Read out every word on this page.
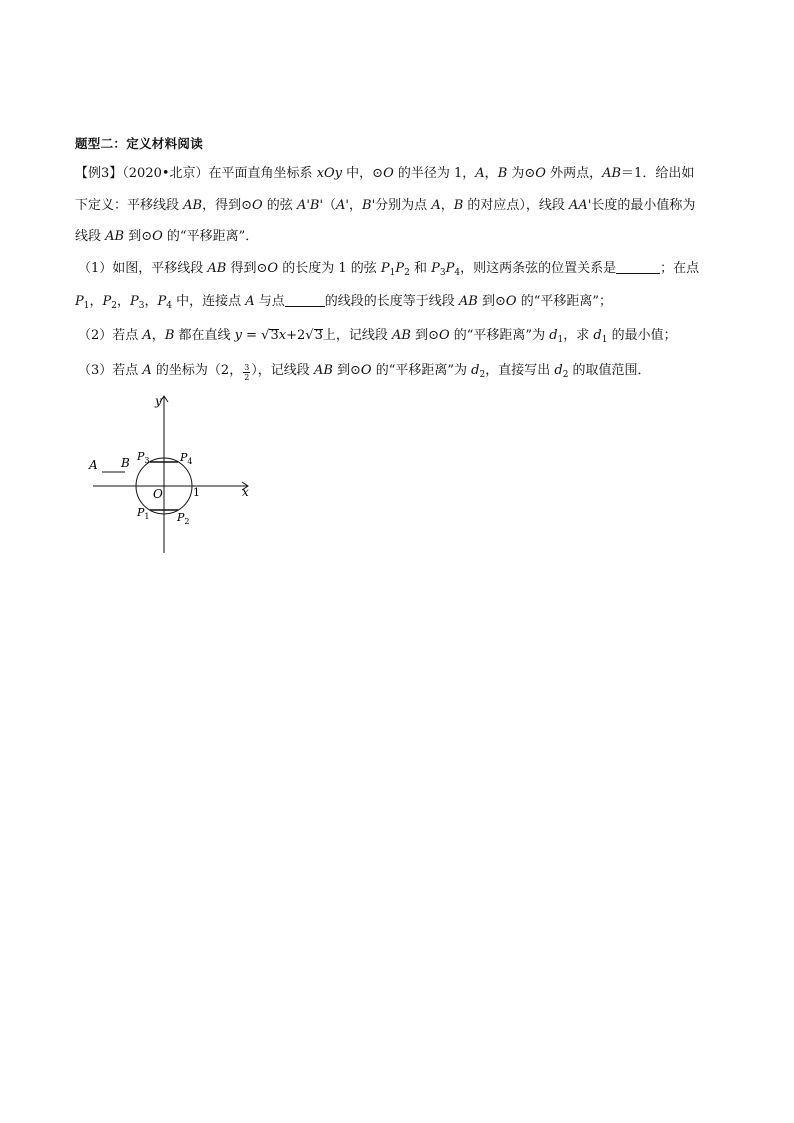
题型二：定义材料阅读
【例3】（2020•北京）在平面直角坐标系 xOy 中，⊙O 的半径为 1，A，B 为⊙O 外两点，AB＝1．给出如
下定义：平移线段 AB，得到⊙O 的弦 A'B'（A'，B'分别为点 A，B 的对应点），线段 AA'长度的最小值称为
线段 AB 到⊙O 的“平移距离”．
（1）如图，平移线段 AB 得到⊙O 的长度为 1 的弦 $P_1P_2$ 和 $P_3P_4$，则这两条弦的位置关系是	；在点
$P_1$，$P_2$，$P_3$，$P_4$ 中，连接点 A 与点	的线段的长度等于线段 AB 到⊙O 的“平移距离”；
（2）若点 A，B 都在直线 y = √3x+2√3上，记线段 AB 到⊙O 的“平移距离”为 $d_1$，求 $d_1$ 的最小值；
（3）若点 A 的坐标为（2， $\frac{3}{2}$ ），记线段 AB 到⊙O 的“平移距离”为 $d_2$，直接写出 $d_2$ 的取值范围．
y
x
O	1
A B $P_3$	$P_4$
$P_1$	$P_2$
